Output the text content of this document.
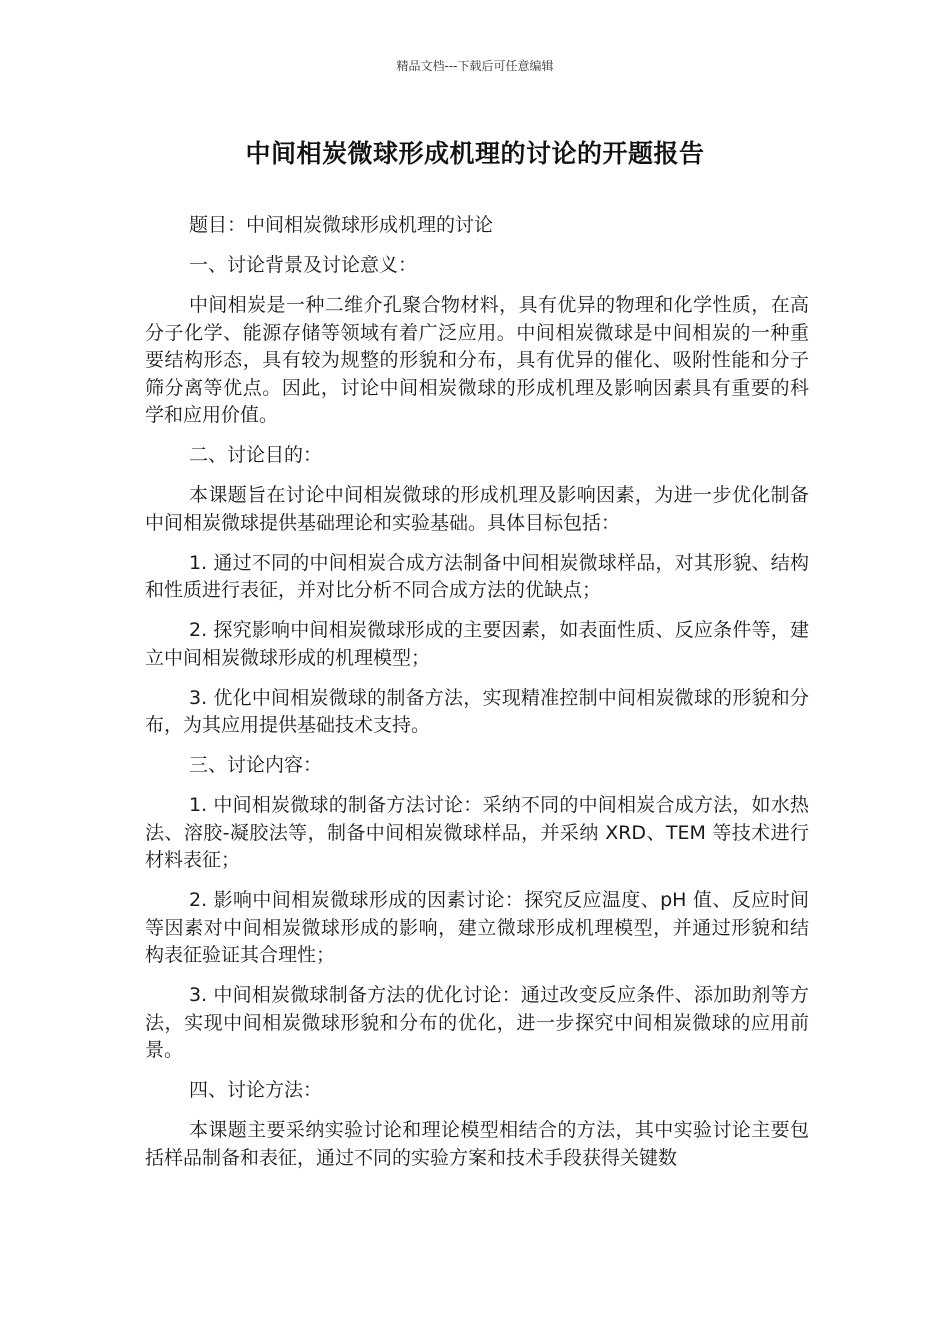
精品文档---下载后可任意编辑
中间相炭微球形成机理的讨论的开题报告

题目：中间相炭微球形成机理的讨论

一、讨论背景及讨论意义：

中间相炭是一种二维介孔聚合物材料，具有优异的物理和化学性质，在高分子化学、能源存储等领域有着广泛应用。中间相炭微球是中间相炭的一种重要结构形态，具有较为规整的形貌和分布，具有优异的催化、吸附性能和分子筛分离等优点。因此，讨论中间相炭微球的形成机理及影响因素具有重要的科学和应用价值。

二、讨论目的：

本课题旨在讨论中间相炭微球的形成机理及影响因素，为进一步优化制备中间相炭微球提供基础理论和实验基础。具体目标包括：

1. 通过不同的中间相炭合成方法制备中间相炭微球样品，对其形貌、结构和性质进行表征，并对比分析不同合成方法的优缺点；

2. 探究影响中间相炭微球形成的主要因素，如表面性质、反应条件等，建立中间相炭微球形成的机理模型；

3. 优化中间相炭微球的制备方法，实现精准控制中间相炭微球的形貌和分布，为其应用提供基础技术支持。

三、讨论内容：

1. 中间相炭微球的制备方法讨论：采纳不同的中间相炭合成方法，如水热法、溶胶-凝胶法等，制备中间相炭微球样品，并采纳 XRD、TEM 等技术进行材料表征；

2. 影响中间相炭微球形成的因素讨论：探究反应温度、pH 值、反应时间等因素对中间相炭微球形成的影响，建立微球形成机理模型，并通过形貌和结构表征验证其合理性；

3. 中间相炭微球制备方法的优化讨论：通过改变反应条件、添加助剂等方法，实现中间相炭微球形貌和分布的优化，进一步探究中间相炭微球的应用前景。

四、讨论方法：

本课题主要采纳实验讨论和理论模型相结合的方法，其中实验讨论主要包括样品制备和表征，通过不同的实验方案和技术手段获得关键数
